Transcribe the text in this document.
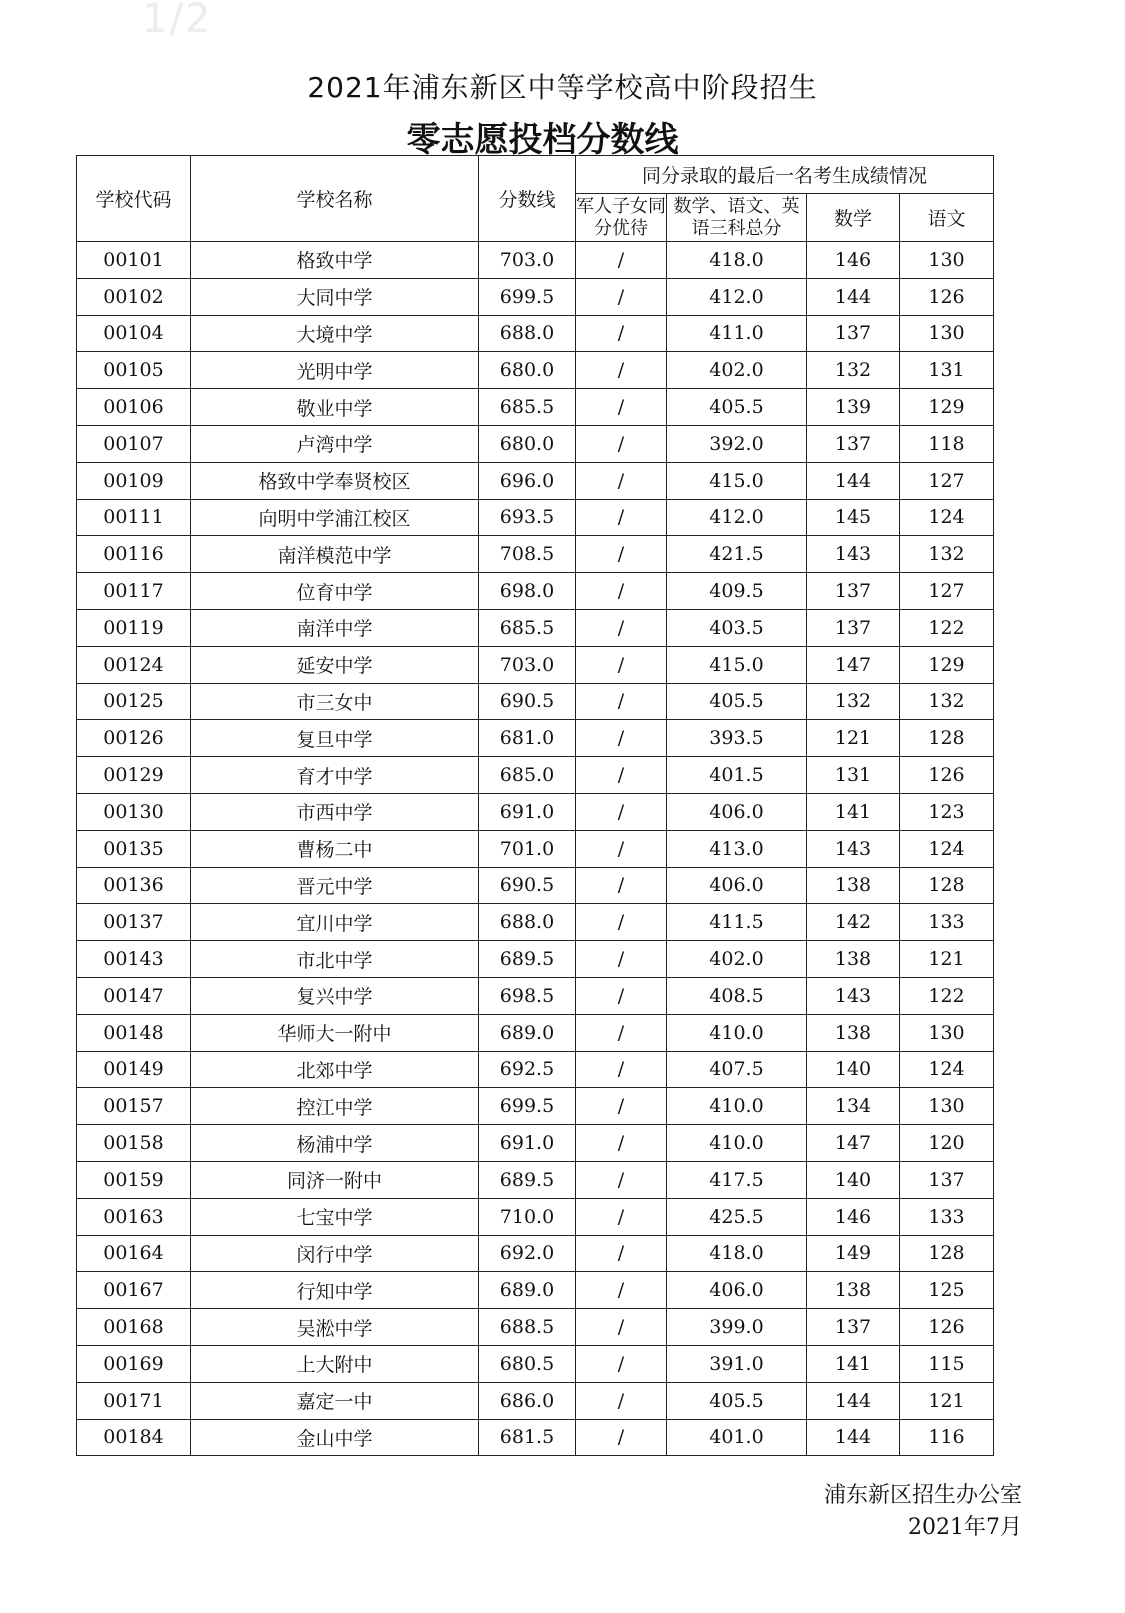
1/2
2021年浦东新区中等学校高中阶段招生
零志愿投档分数线
学校代码	学校名称	分数线	同分录取的最后一名考生成绩情况			
			军人子女同分优待	数学、语文、英语三科总分	数学	语文
00101	格致中学	703.0	/	418.0	146	130
00102	大同中学	699.5	/	412.0	144	126
00104	大境中学	688.0	/	411.0	137	130
00105	光明中学	680.0	/	402.0	132	131
00106	敬业中学	685.5	/	405.5	139	129
00107	卢湾中学	680.0	/	392.0	137	118
00109	格致中学奉贤校区	696.0	/	415.0	144	127
00111	向明中学浦江校区	693.5	/	412.0	145	124
00116	南洋模范中学	708.5	/	421.5	143	132
00117	位育中学	698.0	/	409.5	137	127
00119	南洋中学	685.5	/	403.5	137	122
00124	延安中学	703.0	/	415.0	147	129
00125	市三女中	690.5	/	405.5	132	132
00126	复旦中学	681.0	/	393.5	121	128
00129	育才中学	685.0	/	401.5	131	126
00130	市西中学	691.0	/	406.0	141	123
00135	曹杨二中	701.0	/	413.0	143	124
00136	晋元中学	690.5	/	406.0	138	128
00137	宜川中学	688.0	/	411.5	142	133
00143	市北中学	689.5	/	402.0	138	121
00147	复兴中学	698.5	/	408.5	143	122
00148	华师大一附中	689.0	/	410.0	138	130
00149	北郊中学	692.5	/	407.5	140	124
00157	控江中学	699.5	/	410.0	134	130
00158	杨浦中学	691.0	/	410.0	147	120
00159	同济一附中	689.5	/	417.5	140	137
00163	七宝中学	710.0	/	425.5	146	133
00164	闵行中学	692.0	/	418.0	149	128
00167	行知中学	689.0	/	406.0	138	125
00168	吴淞中学	688.5	/	399.0	137	126
00169	上大附中	680.5	/	391.0	141	115
00171	嘉定一中	686.0	/	405.5	144	121
00184	金山中学	681.5	/	401.0	144	116
浦东新区招生办公室
2021年7月
